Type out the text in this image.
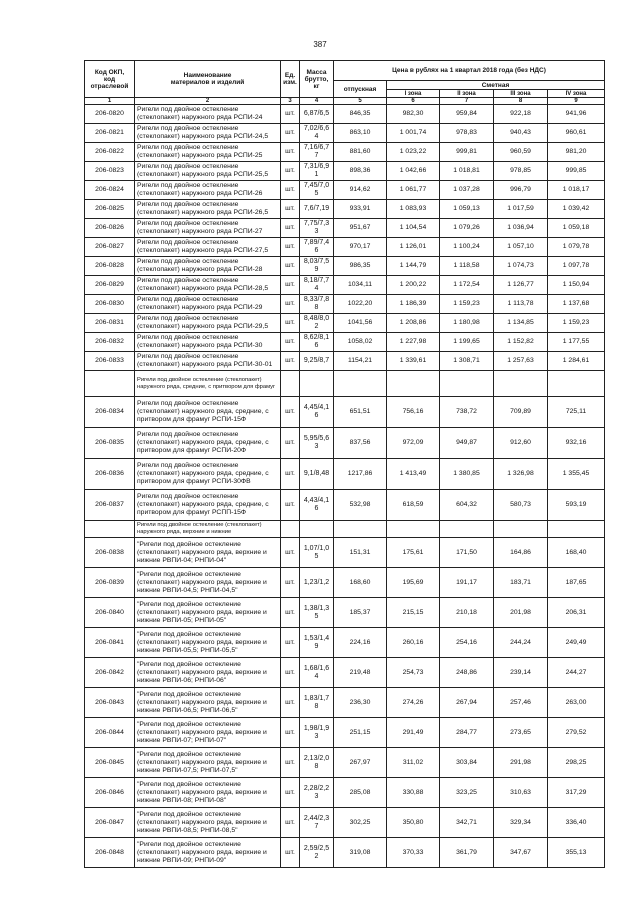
387
Код ОКП, код отраслевой	Наименование материалов и изделий	Ед. изм.	Масса брутто, кг	Цена в рублях на 1 квартал 2018 года (без НДС)				
				отпускная	Сметная			
					I зона	II зона	III зона	IV зона
1	2	3	4	5	6	7	8	9
206-0820	Ригели под двойное остекление (стеклопакет) наружного ряда РСПИ-24	шт.	6,87/6,5	846,35	982,30	959,84	922,18	941,96
206-0821	Ригели под двойное остекление (стеклопакет) наружного ряда РСПИ-24,5	шт.	7,02/6,64	863,10	1 001,74	978,83	940,43	960,61
206-0822	Ригели под двойное остекление (стеклопакет) наружного ряда РСПИ-25	шт.	7,16/6,77	881,60	1 023,22	999,81	960,59	981,20
206-0823	Ригели под двойное остекление (стеклопакет) наружного ряда РСПИ-25,5	шт.	7,31/6,91	898,36	1 042,66	1 018,81	978,85	999,85
206-0824	Ригели под двойное остекление (стеклопакет) наружного ряда РСПИ-26	шт.	7,45/7,05	914,62	1 061,77	1 037,28	996,79	1 018,17
206-0825	Ригели под двойное остекление (стеклопакет) наружного ряда РСПИ-26,5	шт.	7,6/7,19	933,91	1 083,93	1 059,13	1 017,59	1 039,42
206-0826	Ригели под двойное остекление (стеклопакет) наружного ряда РСПИ-27	шт.	7,75/7,33	951,67	1 104,54	1 079,26	1 036,94	1 059,18
206-0827	Ригели под двойное остекление (стеклопакет) наружного ряда РСПИ-27,5	шт.	7,89/7,46	970,17	1 126,01	1 100,24	1 057,10	1 079,78
206-0828	Ригели под двойное остекление (стеклопакет) наружного ряда РСПИ-28	шт.	8,03/7,59	986,35	1 144,79	1 118,58	1 074,73	1 097,78
206-0829	Ригели под двойное остекление (стеклопакет) наружного ряда РСПИ-28,5	шт.	8,18/7,74	1034,11	1 200,22	1 172,54	1 126,77	1 150,94
206-0830	Ригели под двойное остекление (стеклопакет) наружного ряда РСПИ-29	шт.	8,33/7,88	1022,20	1 186,39	1 159,23	1 113,78	1 137,68
206-0831	Ригели под двойное остекление (стеклопакет) наружного ряда РСПИ-29,5	шт.	8,48/8,02	1041,56	1 208,86	1 180,98	1 134,85	1 159,23
206-0832	Ригели под двойное остекление (стеклопакет) наружного ряда РСПИ-30	шт.	8,62/8,16	1058,02	1 227,98	1 199,65	1 152,82	1 177,55
206-0833	Ригели под двойное остекление (стеклопакет) наружного ряда РСПИ-30-01	шт.	9,25/8,7	1154,21	1 339,61	1 308,71	1 257,63	1 284,61
	Ригели под двойное остекление (стеклопакет) наружного ряда, средние, с притвором для фрамуг							
206-0834	Ригели под двойное остекление (стеклопакет) наружного ряда, средние, с притвором для фрамуг РСПИ-15Ф	шт.	4,45/4,16	651,51	756,16	738,72	709,89	725,11
206-0835	Ригели под двойное остекление (стеклопакет) наружного ряда, средние, с притвором для фрамуг РСПИ-20Ф	шт.	5,95/5,63	837,56	972,09	949,87	912,60	932,16
206-0836	Ригели под двойное остекление (стеклопакет) наружного ряда, средние, с притвором для фрамуг РСПИ-30ФВ	шт.	9,1/8,48	1217,86	1 413,49	1 380,85	1 326,98	1 355,45
206-0837	Ригели под двойное остекление (стеклопакет) наружного ряда, средние, с притвором для фрамуг РСПП-15Ф	шт.	4,43/4,16	532,98	618,59	604,32	580,73	593,19
	Ригели под двойное остекление (стеклопакет) наружного ряда, верхние и нижние							
206-0838	"Ригели под двойное остекление (стеклопакет) наружного ряда, верхние и нижние РВПИ-04; РНПИ-04"	шт.	1,07/1,05	151,31	175,61	171,50	164,86	168,40
206-0839	"Ригели под двойное остекление (стеклопакет) наружного ряда, верхние и нижние РВПИ-04,5; РНПИ-04,5"	шт.	1,23/1,2	168,60	195,69	191,17	183,71	187,65
206-0840	"Ригели под двойное остекление (стеклопакет) наружного ряда, верхние и нижние РВПИ-05; РНПИ-05"	шт.	1,38/1,35	185,37	215,15	210,18	201,98	206,31
206-0841	"Ригели под двойное остекление (стеклопакет) наружного ряда, верхние и нижние РВПИ-05,5; РНПИ-05,5"	шт.	1,53/1,49	224,16	260,16	254,16	244,24	249,49
206-0842	"Ригели под двойное остекление (стеклопакет) наружного ряда, верхние и нижние РВПИ-06; РНПИ-06"	шт.	1,68/1,64	219,48	254,73	248,86	239,14	244,27
206-0843	"Ригели под двойное остекление (стеклопакет) наружного ряда, верхние и нижние РВПИ-06,5; РНПИ-06,5"	шт.	1,83/1,78	236,30	274,26	267,94	257,46	263,00
206-0844	"Ригели под двойное остекление (стеклопакет) наружного ряда, верхние и нижние РВПИ-07; РНПИ-07"	шт.	1,98/1,93	251,15	291,49	284,77	273,65	279,52
206-0845	"Ригели под двойное остекление (стеклопакет) наружного ряда, верхние и нижние РВПИ-07,5; РНПИ-07,5"	шт.	2,13/2,08	267,97	311,02	303,84	291,98	298,25
206-0846	"Ригели под двойное остекление (стеклопакет) наружного ряда, верхние и нижние РВПИ-08; РНПИ-08"	шт.	2,28/2,23	285,08	330,88	323,25	310,63	317,29
206-0847	"Ригели под двойное остекление (стеклопакет) наружного ряда, верхние и нижние РВПИ-08,5; РНПИ-08,5"	шт.	2,44/2,37	302,25	350,80	342,71	329,34	336,40
206-0848	"Ригели под двойное остекление (стеклопакет) наружного ряда, верхние и нижние РВПИ-09; РНПИ-09"	шт.	2,59/2,52	319,08	370,33	361,79	347,67	355,13
